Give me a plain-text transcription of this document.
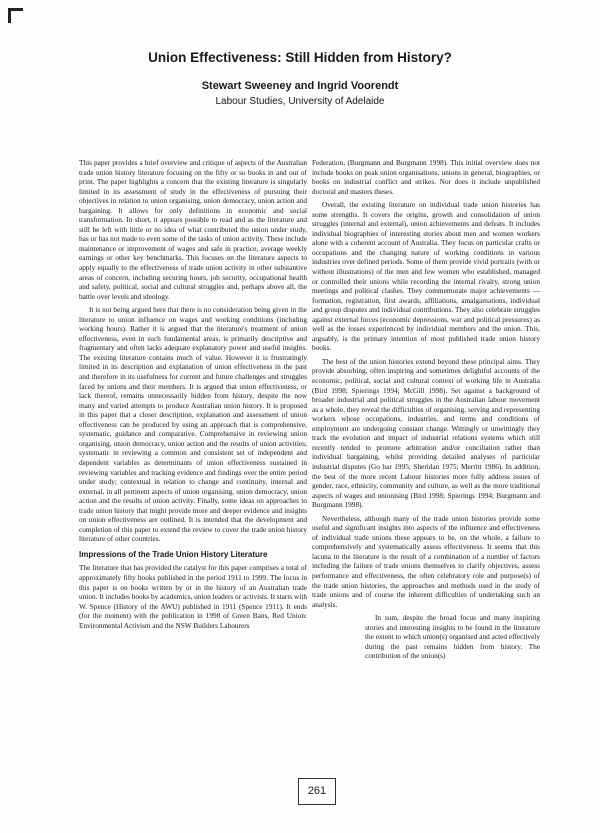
Union Effectiveness: Still Hidden from History?
Stewart Sweeney and Ingrid Voorendt
Labour Studies, University of Adelaide

This paper provides a brief overview and critique of aspects of the Australian trade union history literature focusing on the fifty or so books in and out of print. The paper highlights a concern that the existing literature is singularly limited in its assessment of study in the effectiveness of pursuing their objectives in relation to union organising, union democracy, union action and bargaining. It allows for only definitions in economic and social transformation. In short, it appears possible to read and as the literature and still be left with little or no idea of what contributed the union under study, has or has not made to even some of the tasks of union activity. These include maintenance or improvement of wages and safe in practice, average weekly earnings or other key benchmarks. This focuses on the literature aspects to apply equally to the effectiveness of trade union activity in other substantive areas of concern, including securing hours, job security, occupational health and safety, political, social and cultural struggles and, perhaps above all, the battle over levels and ideology.

It is not being argued here that there is no consideration being given in the literature to union influence on wages and working conditions (including working hours). Rather it is argued that the literature's treatment of union effectiveness, even in such fundamental areas, is primarily descriptive and fragmentary and often lacks adequate explanatory power and useful insights. The existing literature contains much of value. However it is frustratingly limited in its description and explanation of union effectiveness in the past and therefore in its usefulness for current and future challenges and struggles faced by unions and their members. It is argued that union effectiveness, or lack thereof, remains unnecessarily hidden from history, despite the now many and varied attempts to produce Australian union history. It is proposed in this paper that a closer description, explanation and assessment of union effectiveness can be produced by using an approach that is comprehensive, systematic, guidance and comparative. Comprehensive in reviewing union organising, union democracy, union action and the results of union activities; systematic in reviewing a common and consistent set of independent and dependent variables as determinants of union effectiveness sustained in reviewing variables and tracking evidence and findings over the entire period under study; contextual in relation to change and continuity, internal and external, in all pertinent aspects of union organising, union democracy, union action and the results of union activity. Finally, some ideas on approaches to trade union history that might provide more and deeper evidence and insights on union effectiveness are outlined. It is intended that the development and completion of this paper to extend the review to cover the trade union history literature of other countries.

Impressions of the Trade Union History Literature

The literature that has provided the catalyst for this paper comprises a total of approximately fifty books published in the period 1911 to 1999. The focus in this paper is on books written by or in the history of an Australian trade union. It includes books by academics, union leaders or activists. It starts with W. Spence (History of the AWU) published in 1911 (Spence 1911). It ends (for the moment) with the publication in 1998 of Green Bans, Red Union: Environmental Activism and the NSW Builders Labourers

Federation, (Burgmann and Burgmann 1998). This initial overview does not include books on peak union organisations, unions in general, biographies, or books on industrial conflict and strikes. Nor does it include unpublished doctoral and masters theses.

Overall, the existing literature on individual trade union histories has some strengths. It covers the origins, growth and consolidation of union struggles (internal and external), union achievements and defeats. It includes individual biographies of interesting stories about men and women workers alone with a coherent account of Australia. They focus on particular crafts or occupations and the changing nature of working conditions in various industries over defined periods. Some of them provide vivid portraits (with or without illustrations) of the men and few women who established, managed or controlled their unions while recording the internal rivalry, strong union meetings and political clashes. They commemorate major achievements — formation, registration, first awards, affiliations, amalgamations, individual and group disputes and individual contributions. They also celebrate struggles against external forces (economic depressions, war and political pressures) as well as the losses experienced by individual members and the union. This, arguably, is the primary intention of most published trade union history books.

The best of the union histories extend beyond these principal aims. They provide absorbing, often inspiring and sometimes delightful accounts of the economic, political, social and cultural context of working life in Australia (Bird 1998; Spierings 1994; McGill 1998). Set against a background of broader industrial and political struggles in the Australian labour movement as a whole, they reveal the difficulties of organising, serving and representing workers whose occupations, industries, and terms and conditions of employment are undergoing constant change. Wittingly or unwittingly they track the evolution and impact of industrial relations systems which still recently tended to promote arbitration and/or conciliation rather than individual bargaining, whilst providing detailed analyses of particular industrial disputes (Go bar 1995; Sheridan 1975; Merritt 1986). In addition, the best of the more recent Labour histories more fully address issues of gender, race, ethnicity, community and culture, as well as the more traditional aspects of wages and unionising (Bird 1998; Spierings 1994; Burgmann and Burgmann 1998).

Nevertheless, although many of the trade union histories provide some useful and significant insights into aspects of the influence and effectiveness of individual trade unions these appears to be, on the whole, a failure to comprehensively and systematically assess effectiveness. It seems that this lacuna in the literature is the result of a combination of a number of factors including the failure of trade unions themselves to clarify objectives, assess performance and effectiveness, the often celebratory role and purpose(s) of the trade union histories, the approaches and methods used in the study of trade unions and of course the inherent difficulties of undertaking such an analysis.

In sum, despite the broad focus and many inspiring stories and interesting insights to be found in the literature the extent to which union(s) organised and acted effectively during the past remains hidden from history. The contribution of the union(s)

261
